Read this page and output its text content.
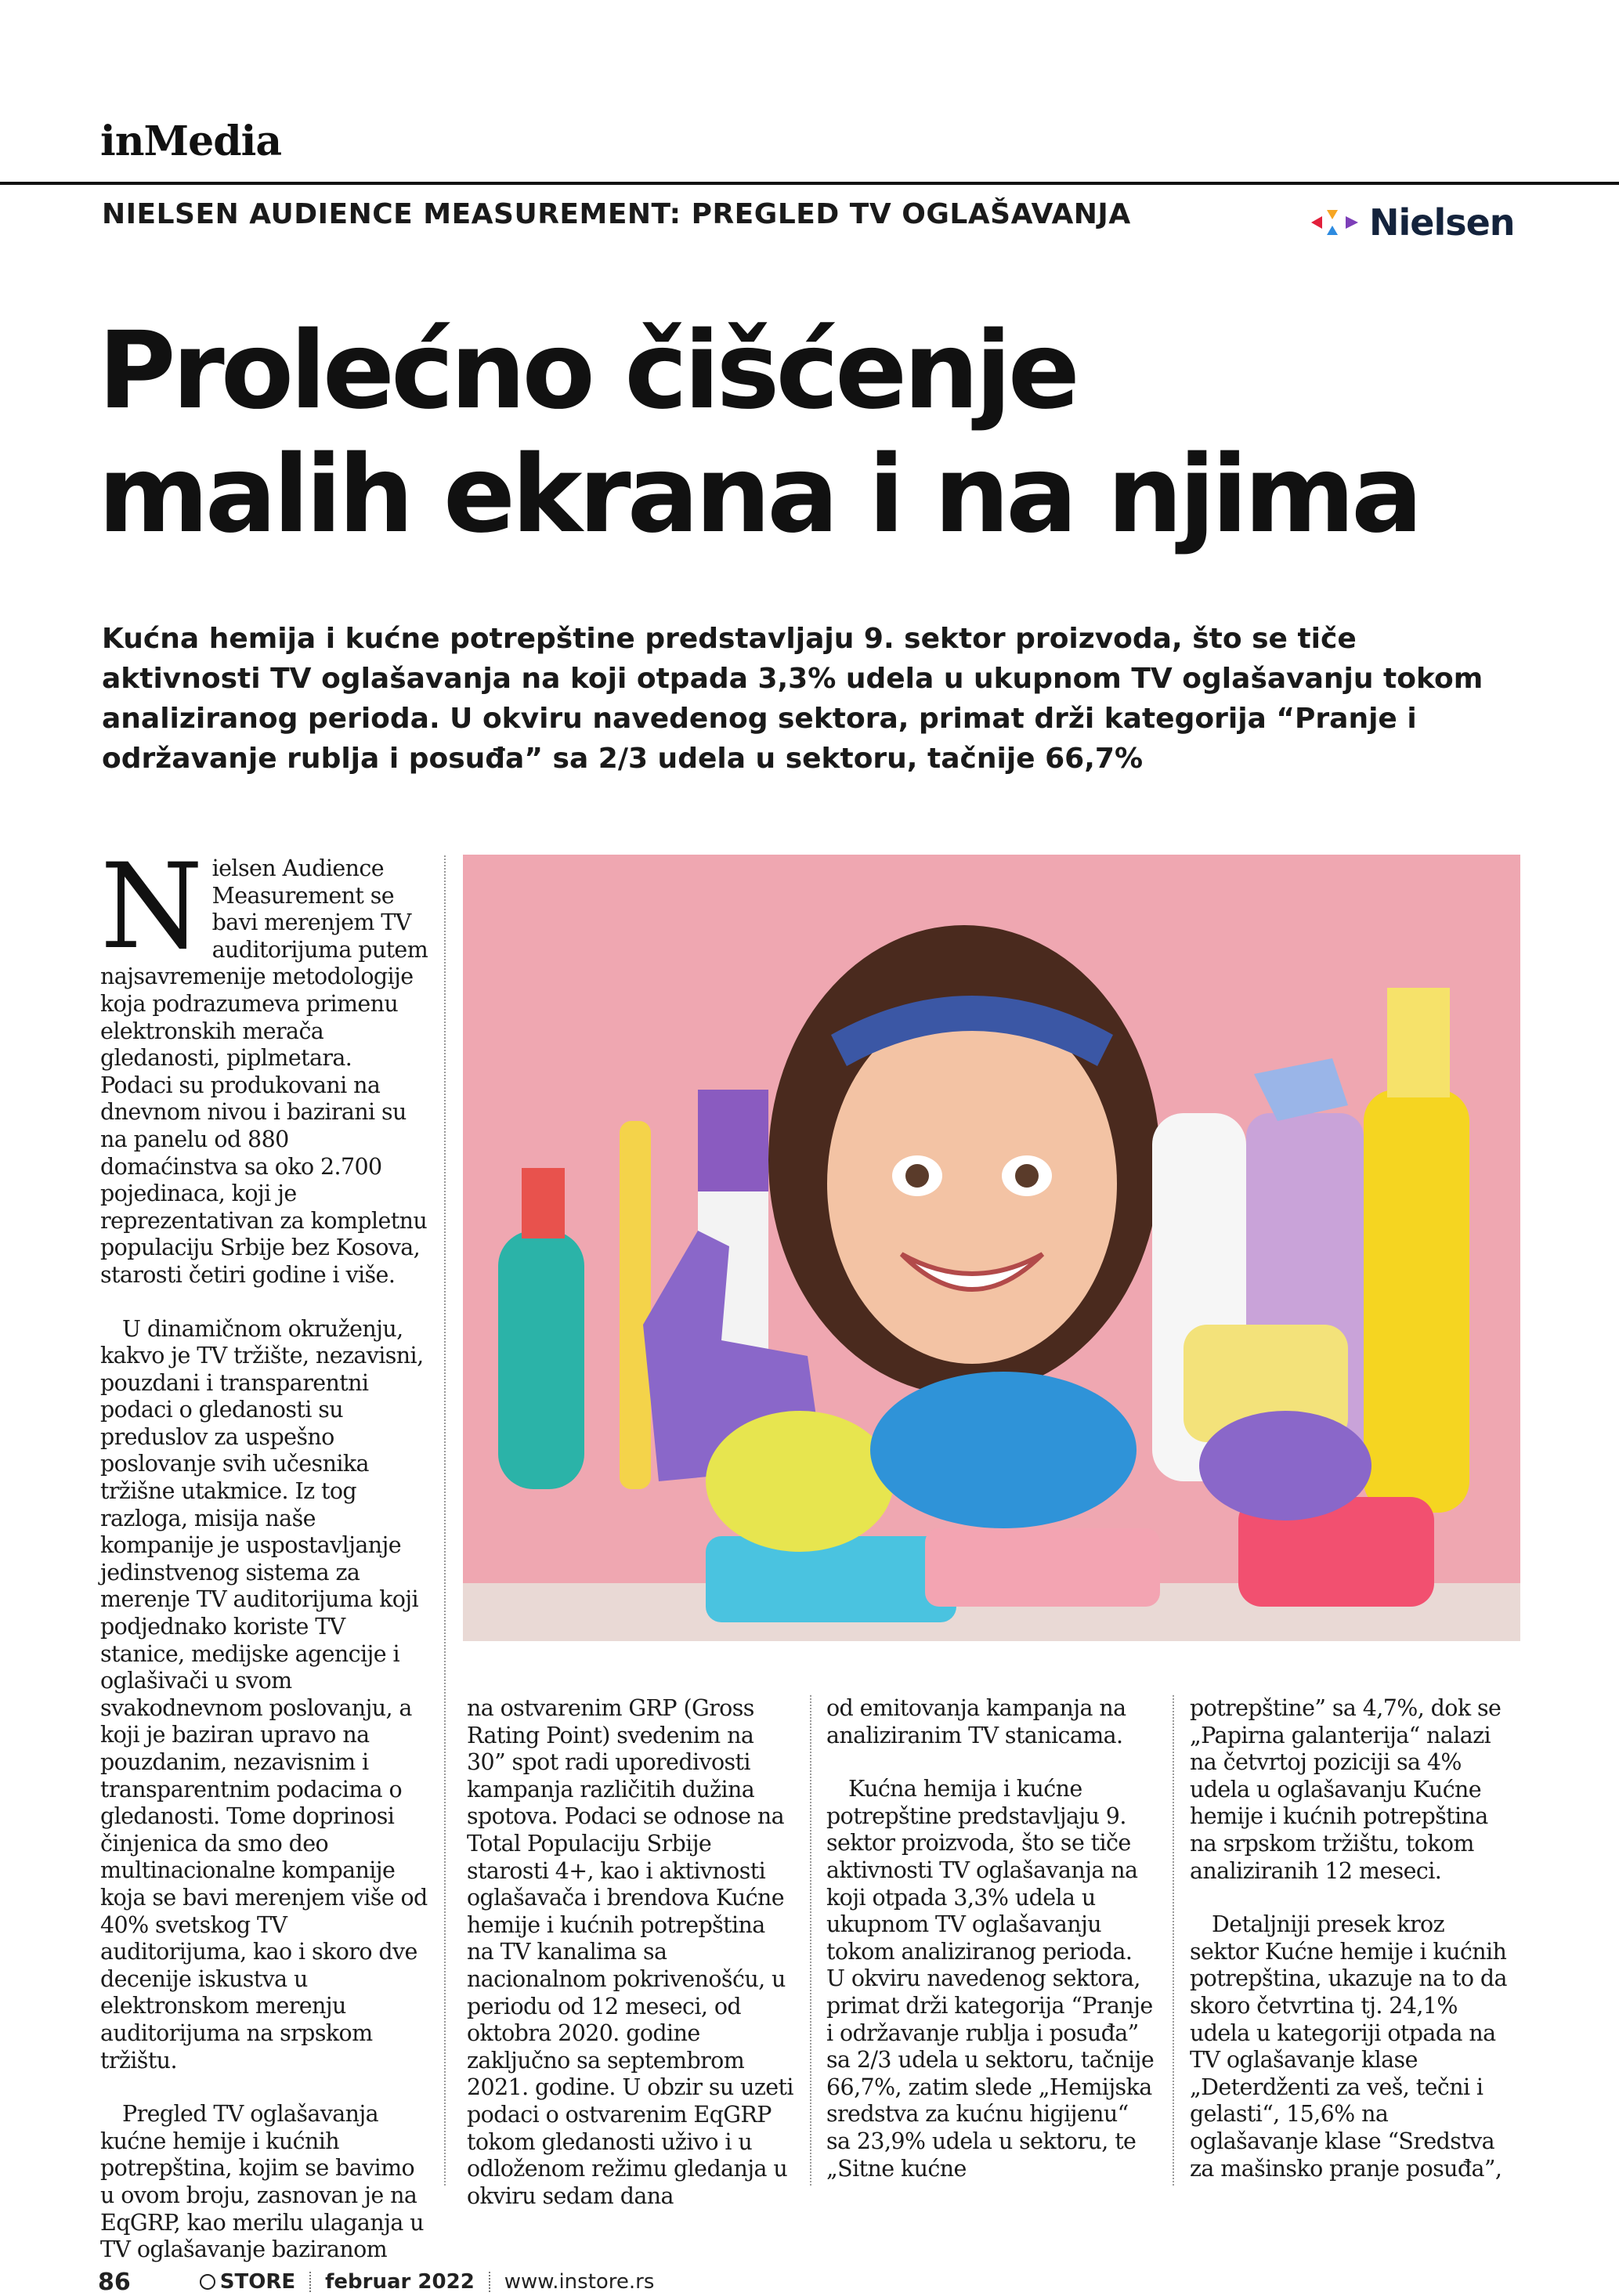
inMedia
NIELSEN AUDIENCE MEASUREMENT: PREGLED TV OGLAŠAVANJA	Nielsen
Prolećno čišćenje
malih ekrana i na njima

Kućna hemija i kućne potrepštine predstavljaju 9. sektor proizvoda, što se tiče aktivnosti TV oglašavanja na koji otpada 3,3% udela u ukupnom TV oglašavanju tokom analiziranog perioda. U okviru navedenog sektora, primat drži kategorija “Pranje i održavanje rublja i posuđa” sa 2/3 udela u sektoru, tačnije 66,7%

Nielsen Audience Measurement se bavi merenjem TV auditorijuma putem najsavremenije metodologije koja podrazumeva primenu elektronskih merača gledanosti, piplmetara. Podaci su produkovani na dnevnom nivou i bazirani su na panelu od 880 domaćinstva sa oko 2.700 pojedinaca, koji je reprezentativan za kompletnu populaciju Srbije bez Kosova, starosti četiri godine i više.

U dinamičnom okruženju, kakvo je TV tržište, nezavisni, pouzdani i transparentni podaci o gledanosti su preduslov za uspešno poslovanje svih učesnika tržišne utakmice. Iz tog razloga, misija naše kompanije je uspostavljanje jedinstvenog sistema za merenje TV auditorijuma koji podjednako koriste TV stanice, medijske agencije i oglašivači u svom svakodnevnom poslovanju, a koji je baziran upravo na pouzdanim, nezavisnim i transparentnim podacima o gledanosti. Tome doprinosi činjenica da smo deo multinacionalne kompanije koja se bavi merenjem više od 40% svetskog TV auditorijuma, kao i skoro dve decenije iskustva u elektronskom merenju auditorijuma na srpskom tržištu.

Pregled TV oglašavanja kućne hemije i kućnih potrepština, kojim se bavimo u ovom broju, zasnovan je na EqGRP, kao merilu ulaganja u TV oglašavanje baziranom

na ostvarenim GRP (Gross Rating Point) svedenim na 30” spot radi uporedivosti kampanja različitih dužina spotova. Podaci se odnose na Total Populaciju Srbije starosti 4+, kao i aktivnosti oglašavača i brendova Kućne hemije i kućnih potrepština na TV kanalima sa nacionalnom pokrivenošću, u periodu od 12 meseci, od oktobra 2020. godine zaključno sa septembrom 2021. godine. U obzir su uzeti podaci o ostvarenim EqGRP tokom gledanosti uživo i u odloženom režimu gledanja u okviru sedam dana

od emitovanja kampanja na analiziranim TV stanicama.

Kućna hemija i kućne potrepštine predstavljaju 9. sektor proizvoda, što se tiče aktivnosti TV oglašavanja na koji otpada 3,3% udela u ukupnom TV oglašavanju tokom analiziranog perioda. U okviru navedenog sektora, primat drži kategorija “Pranje i održavanje rublja i posuđa” sa 2/3 udela u sektoru, tačnije 66,7%, zatim slede „Hemijska sredstva za kućnu higijenu“ sa 23,9% udela u sektoru, te „Sitne kućne

potrepštine” sa 4,7%, dok se „Papirna galanterija“ nalazi na četvrtoj poziciji sa 4% udela u oglašavanju Kućne hemije i kućnih potrepština na srpskom tržištu, tokom analiziranih 12 meseci.

Detaljniji presek kroz sektor Kućne hemije i kućnih potrepština, ukazuje na to da skoro četvrtina tj. 24,1% udela u kategoriji otpada na TV oglašavanje klase „Deterdženti za veš, tečni i gelasti“, 15,6% na oglašavanje klase “Sredstva za mašinsko pranje posuđa”,

86	STORE februar 2022 www.instore.rs
